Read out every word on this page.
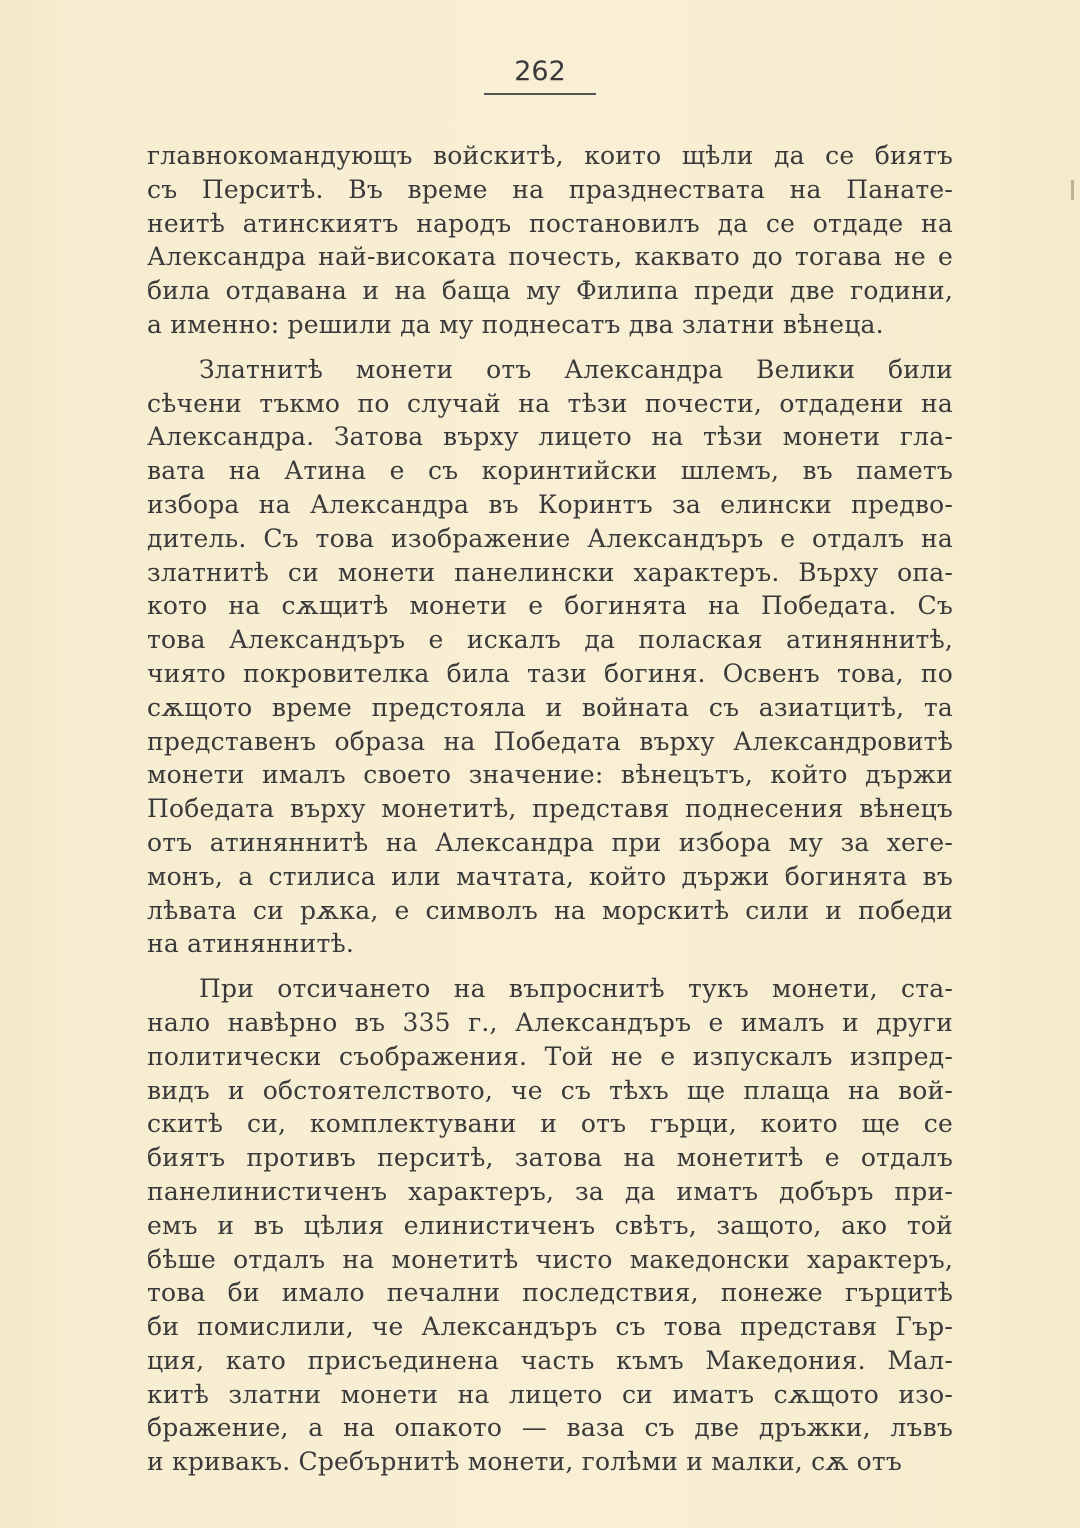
262
главнокомандующъ войскитѣ, които щѣли да се биятъ
съ Перситѣ. Въ време на празднествата на Панате-
неитѣ атинскиятъ народъ постановилъ да се отдаде на
Александра най-високата почесть, каквато до тогава не е
била отдавана и на баща му Филипа преди две години,
а именно: решили да му поднесатъ два златни вѣнеца.
Златнитѣ монети отъ Александра Велики били
сѣчени тъкмо по случай на тѣзи почести, отдадени на
Александра. Затова върху лицето на тѣзи монети гла-
вата на Атина е съ коринтийски шлемъ, въ паметъ
избора на Александра въ Коринтъ за елински предво-
дитель. Съ това изображение Александъръ е отдалъ на
златнитѣ си монети панелински характеръ. Върху опа-
кото на сѫщитѣ монети е богинята на Победата. Съ
това Александъръ е искалъ да полаская атиняннитѣ,
чиято покровителка била тази богиня. Освенъ това, по
сѫщото време предстояла и войната съ азиатцитѣ, та
представенъ образа на Победата върху Александровитѣ
монети ималъ своето значение: вѣнецътъ, който държи
Победата върху монетитѣ, представя поднесения вѣнецъ
отъ атиняннитѣ на Александра при избора му за хеге-
монъ, а стилиса или мачтата, който държи богинята въ
лѣвата си рѫка, е символъ на морскитѣ сили и победи
на атиняннитѣ.
При отсичането на въпроснитѣ тукъ монети, ста-
нало навѣрно въ 335 г., Александъръ е ималъ и други
политически съображения. Той не е изпускалъ изпред-
видъ и обстоятелството, че съ тѣхъ ще плаща на вой-
скитѣ си, комплектувани и отъ гърци, които ще се
биятъ противъ перситѣ, затова на монетитѣ е отдалъ
панелинистиченъ характеръ, за да иматъ добъръ при-
емъ и въ цѣлия елинистиченъ свѣтъ, защото, ако той
бѣше отдалъ на монетитѣ чисто македонски характеръ,
това би имало печални последствия, понеже гърцитѣ
би помислили, че Александъръ съ това представя Гър-
ция, като присъединена часть къмъ Македония. Мал-
китѣ златни монети на лицето си иматъ сѫщото изо-
бражение, а на опакото — ваза съ две дръжки, лъвъ
и кривакъ. Сребърнитѣ монети, голѣми и малки, сѫ отъ
